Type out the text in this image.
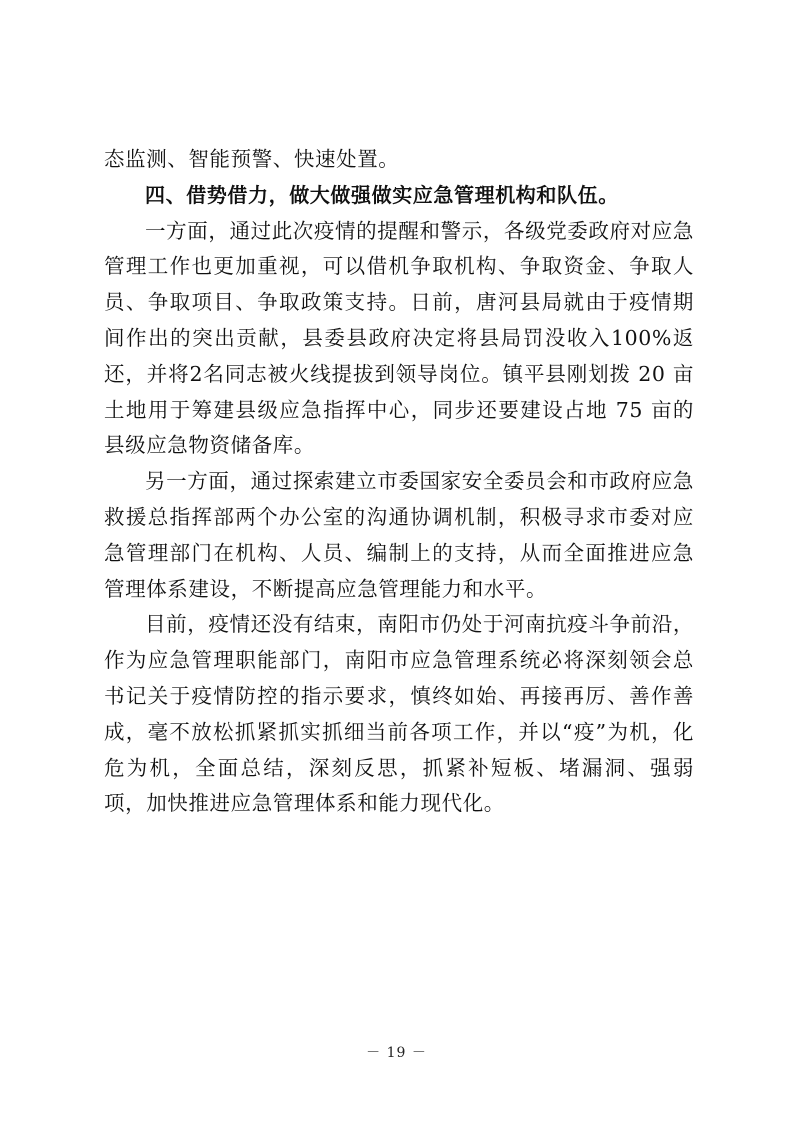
态监测、智能预警、快速处置。

四、借势借力，做大做强做实应急管理机构和队伍。

一方面，通过此次疫情的提醒和警示，各级党委政府对应急管理工作也更加重视，可以借机争取机构、争取资金、争取人员、争取项目、争取政策支持。日前，唐河县局就由于疫情期间作出的突出贡献，县委县政府决定将县局罚没收入100%返还，并将2名同志被火线提拔到领导岗位。镇平县刚划拨 20 亩土地用于筹建县级应急指挥中心，同步还要建设占地 75 亩的县级应急物资储备库。

另一方面，通过探索建立市委国家安全委员会和市政府应急救援总指挥部两个办公室的沟通协调机制，积极寻求市委对应急管理部门在机构、人员、编制上的支持，从而全面推进应急管理体系建设，不断提高应急管理能力和水平。

目前，疫情还没有结束，南阳市仍处于河南抗疫斗争前沿，作为应急管理职能部门，南阳市应急管理系统必将深刻领会总书记关于疫情防控的指示要求，慎终如始、再接再厉、善作善成，毫不放松抓紧抓实抓细当前各项工作，并以“疫”为机，化危为机，全面总结，深刻反思，抓紧补短板、堵漏洞、强弱项，加快推进应急管理体系和能力现代化。

－ 19 －
